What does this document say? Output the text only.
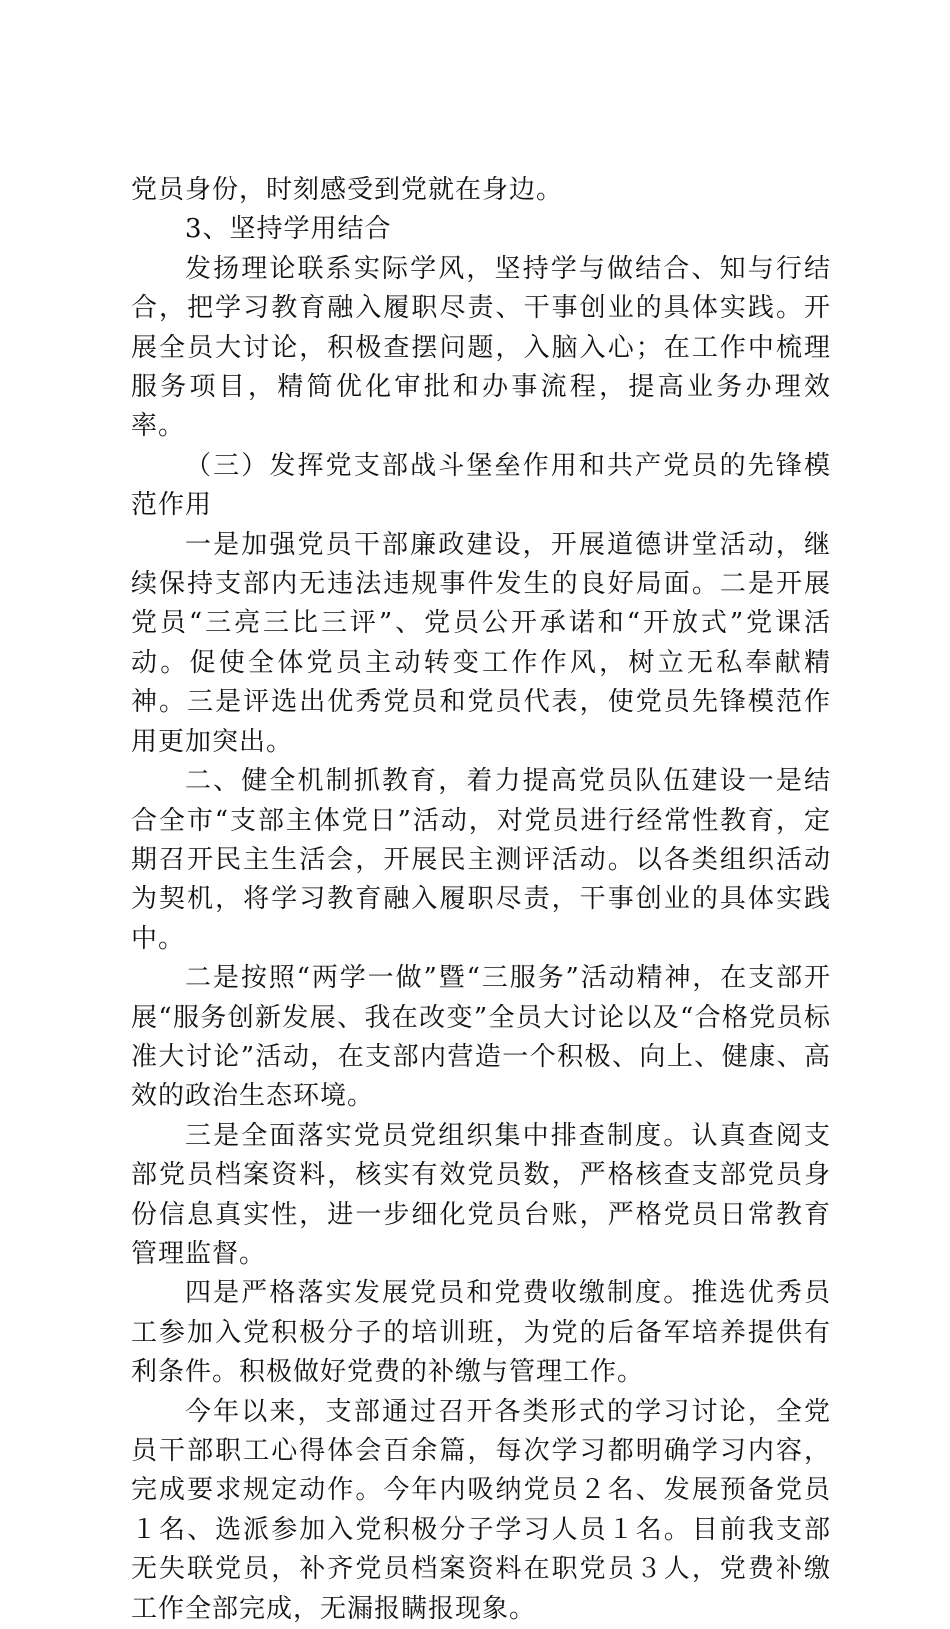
党员身份，时刻感受到党就在身边。

3、坚持学用结合

发扬理论联系实际学风，坚持学与做结合、知与行结合，把学习教育融入履职尽责、干事创业的具体实践。开展全员大讨论，积极查摆问题，入脑入心；在工作中梳理服务项目，精简优化审批和办事流程，提高业务办理效率。

（三）发挥党支部战斗堡垒作用和共产党员的先锋模范作用

一是加强党员干部廉政建设，开展道德讲堂活动，继续保持支部内无违法违规事件发生的良好局面。二是开展党员“三亮三比三评”、党员公开承诺和“开放式”党课活动。促使全体党员主动转变工作作风，树立无私奉献精神。三是评选出优秀党员和党员代表，使党员先锋模范作用更加突出。

二、健全机制抓教育，着力提高党员队伍建设一是结合全市“支部主体党日”活动，对党员进行经常性教育，定期召开民主生活会，开展民主测评活动。以各类组织活动为契机，将学习教育融入履职尽责，干事创业的具体实践中。

二是按照“两学一做”暨“三服务”活动精神，在支部开展“服务创新发展、我在改变”全员大讨论以及“合格党员标准大讨论”活动，在支部内营造一个积极、向上、健康、高效的政治生态环境。

三是全面落实党员党组织集中排查制度。认真查阅支部党员档案资料，核实有效党员数，严格核查支部党员身份信息真实性，进一步细化党员台账，严格党员日常教育管理监督。

四是严格落实发展党员和党费收缴制度。推选优秀员工参加入党积极分子的培训班，为党的后备军培养提供有利条件。积极做好党费的补缴与管理工作。

今年以来，支部通过召开各类形式的学习讨论，全党员干部职工心得体会百余篇，每次学习都明确学习内容，完成要求规定动作。今年内吸纳党员２名、发展预备党员１名、选派参加入党积极分子学习人员１名。目前我支部无失联党员，补齐党员档案资料在职党员３人，党费补缴工作全部完成，无漏报瞒报现象。
